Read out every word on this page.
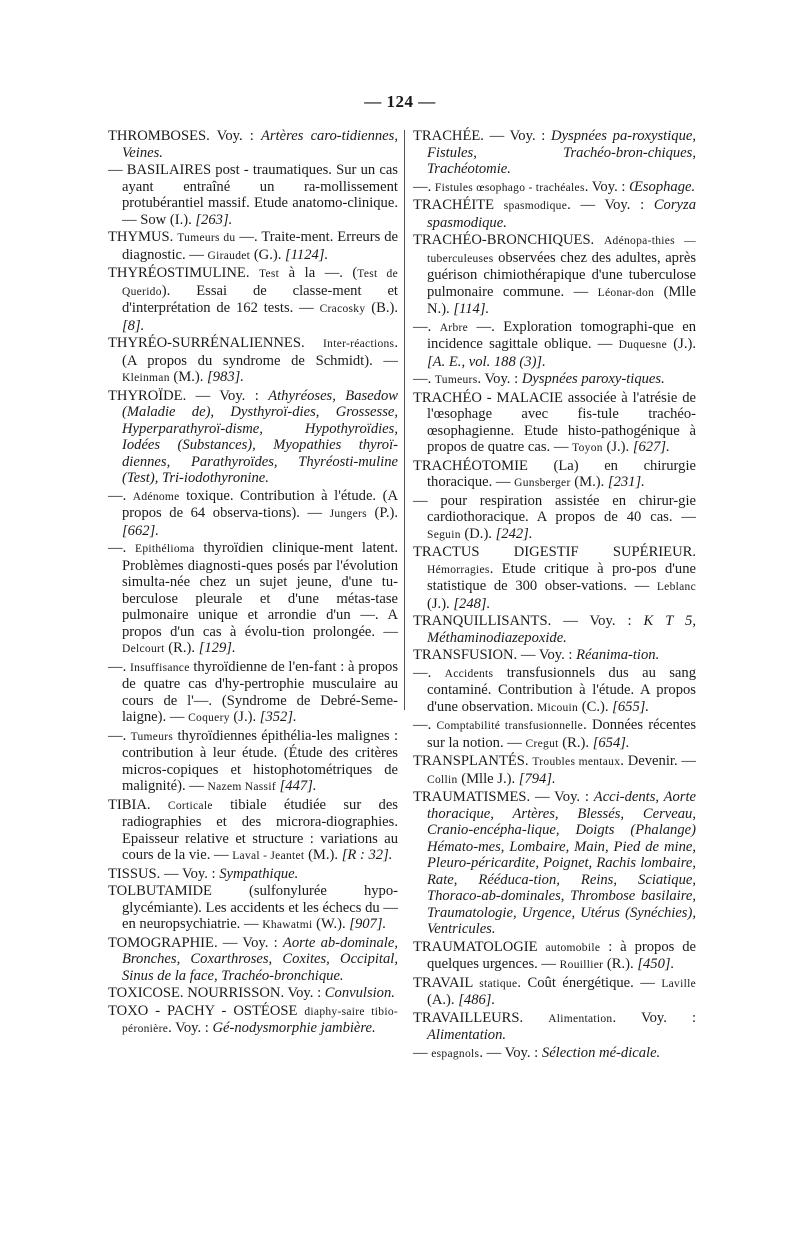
— 124 —

THROMBOSES. Voy. : Artères caro-tidiennes, Veines.

— BASILAIRES post - traumatiques. Sur un cas ayant entraîné un ra-mollissement protubérantiel massif. Etude anatomo-clinique. — Sow (I.). [263].

THYMUS. Tumeurs du —. Traite-ment. Erreurs de diagnostic. — Giraudet (G.). [1124].

THYRÉOSTIMULINE. Test à la —. (Test de Querido). Essai de classe-ment et d'interprétation de 162 tests. — Cracosky (B.). [8].

THYRÉO-SURRÉNALIENNES. Inter-réactions. (A propos du syndrome de Schmidt). — Kleinman (M.). [983].

THYROÏDE. — Voy. : Athyréoses, Basedow (Maladie de), Dysthyroï-dies, Grossesse, Hyperparathyroï-disme, Hypothyroïdies, Iodées (Substances), Myopathies thyroï-diennes, Parathyroïdes, Thyréosti-muline (Test), Tri-iodothyronine.

—. Adénome toxique. Contribution à l'étude. (A propos de 64 observa-tions). — Jungers (P.). [662].

—. Epithélioma thyroïdien clinique-ment latent. Problèmes diagnosti-ques posés par l'évolution simulta-née chez un sujet jeune, d'une tu-berculose pleurale et d'une métas-tase pulmonaire unique et arrondie d'un —. A propos d'un cas à évolu-tion prolongée. — Delcourt (R.). [129].

—. Insuffisance thyroïdienne de l'en-fant : à propos de quatre cas d'hy-pertrophie musculaire au cours de l'—. (Syndrome de Debré-Seme-laigne). — Coquery (J.). [352].

—. Tumeurs thyroïdiennes épithélia-les malignes : contribution à leur étude. (Étude des critères micros-copiques et histophotométriques de malignité). — Nazem Nassif [447].

TIBIA. Corticale tibiale étudiée sur des radiographies et des microra-diographies. Epaisseur relative et structure : variations au cours de la vie. — Laval - Jeantet (M.). [R : 32].

TISSUS. — Voy. : Sympathique.

TOLBUTAMIDE (sulfonylurée hypo-glycémiante). Les accidents et les échecs du — en neuropsychiatrie. — Khawatmi (W.). [907].

TOMOGRAPHIE. — Voy. : Aorte ab-dominale, Bronches, Coxarthroses, Coxites, Occipital, Sinus de la face, Trachéo-bronchique.

TOXICOSE. NOURRISSON. Voy. : Convulsion.

TOXO - PACHY - OSTÉOSE diaphy-saire tibio-péronière. Voy. : Gé-nodysmorphie jambière.

TRACHÉE. — Voy. : Dyspnées pa-roxystique, Fistules, Trachéo-bron-chiques, Trachéotomie.

—. Fistules œsophago - trachéales. Voy. : Œsophage.

TRACHÉITE spasmodique. — Voy. : Coryza spasmodique.

TRACHÉO-BRONCHIQUES. Adénopa-thies — tuberculeuses observées chez des adultes, après guérison chimiothérapique d'une tuberculose pulmonaire commune. — Léonar-don (Mlle N.). [114].

—. Arbre —. Exploration tomographi-que en incidence sagittale oblique. — Duquesne (J.). [A. E., vol. 188 (3)].

—. Tumeurs. Voy. : Dyspnées paroxy-tiques.

TRACHÉO - MALACIE associée à l'atrésie de l'œsophage avec fis-tule trachéo-œsophagienne. Etude histo-pathogénique à propos de quatre cas. — Toyon (J.). [627].

TRACHÉOTOMIE (La) en chirurgie thoracique. — Gunsberger (M.). [231].

— pour respiration assistée en chirur-gie cardiothoracique. A propos de 40 cas. — Seguin (D.). [242].

TRACTUS DIGESTIF SUPÉRIEUR. Hémorragies. Etude critique à pro-pos d'une statistique de 300 obser-vations. — Leblanc (J.). [248].

TRANQUILLISANTS. — Voy. : K T 5, Méthaminodiazepoxide.

TRANSFUSION. — Voy. : Réanima-tion.

—. Accidents transfusionnels dus au sang contaminé. Contribution à l'étude. A propos d'une observation. Micouin (C.). [655].

—. Comptabilité transfusionnelle. Données récentes sur la notion. — Cregut (R.). [654].

TRANSPLANTÉS. Troubles mentaux. Devenir. — Collin (Mlle J.). [794].

TRAUMATISMES. — Voy. : Acci-dents, Aorte thoracique, Artères, Blessés, Cerveau, Cranio-encépha-lique, Doigts (Phalange) Hémato-mes, Lombaire, Main, Pied de mine, Pleuro-péricardite, Poignet, Rachis lombaire, Rate, Rééduca-tion, Reins, Sciatique, Thoraco-ab-dominales, Thrombose basilaire, Traumatologie, Urgence, Utérus (Synéchies), Ventricules.

TRAUMATOLOGIE automobile : à propos de quelques urgences. — Rouillier (R.). [450].

TRAVAIL statique. Coût énergétique. — Laville (A.). [486].

TRAVAILLEURS. Alimentation. Voy. : Alimentation.

— espagnols. — Voy. : Sélection mé-dicale.
